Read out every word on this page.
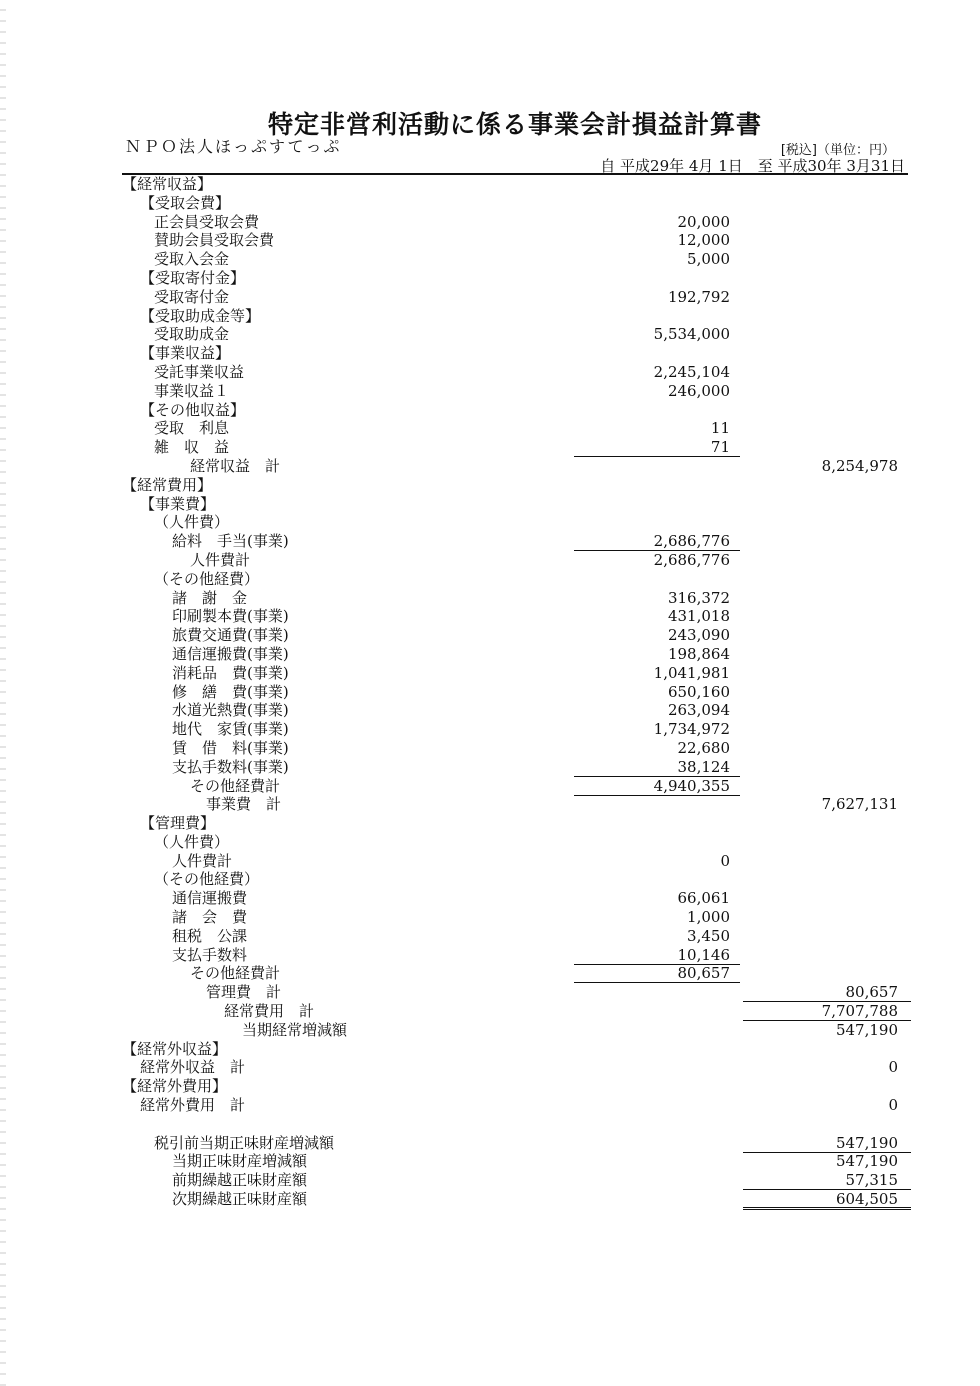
特定非営利活動に係る事業会計損益計算書
ＮＰＯ法人ほっぷすてっぷ	[税込]（単位：円）
自 平成29年 4月 1日　至 平成30年 3月31日
【経常収益】
【受取会費】
正会員受取会費	20,000
賛助会員受取会費	12,000
受取入会金	5,000
【受取寄付金】
受取寄付金	192,792
【受取助成金等】
受取助成金	5,534,000
【事業収益】
受託事業収益	2,245,104
事業収益１	246,000
【その他収益】
受取　利息	11
雑　収　益	71
経常収益　計	8,254,978
【経常費用】
【事業費】
（人件費）
給料　手当(事業)	2,686,776
人件費計	2,686,776
（その他経費）
諸　謝　金	316,372
印刷製本費(事業)	431,018
旅費交通費(事業)	243,090
通信運搬費(事業)	198,864
消耗品　費(事業)	1,041,981
修　繕　費(事業)	650,160
水道光熱費(事業)	263,094
地代　家賃(事業)	1,734,972
賃　借　料(事業)	22,680
支払手数料(事業)	38,124
その他経費計	4,940,355
事業費　計	7,627,131
【管理費】
（人件費）
人件費計	0
（その他経費）
通信運搬費	66,061
諸　会　費	1,000
租税　公課	3,450
支払手数料	10,146
その他経費計	80,657
管理費　計	80,657
経常費用　計	7,707,788
当期経常増減額	547,190
【経常外収益】
経常外収益　計	0
【経常外費用】
経常外費用　計	0
税引前当期正味財産増減額	547,190
当期正味財産増減額	547,190
前期繰越正味財産額	57,315
次期繰越正味財産額	604,505
